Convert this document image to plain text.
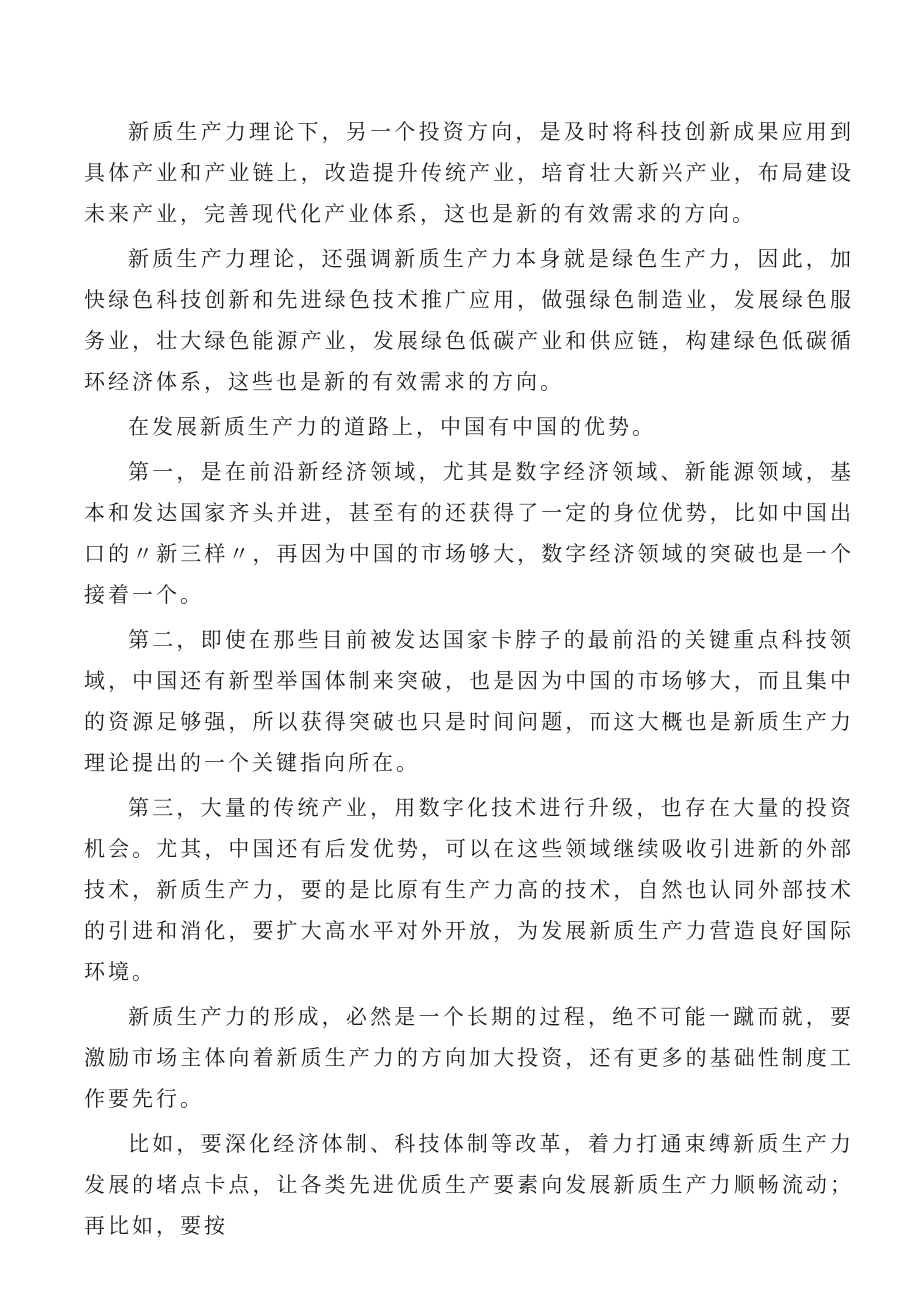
新质生产力理论下，另一个投资方向，是及时将科技创新成果应用到具体产业和产业链上，改造提升传统产业，培育壮大新兴产业，布局建设未来产业，完善现代化产业体系，这也是新的有效需求的方向。

新质生产力理论，还强调新质生产力本身就是绿色生产力，因此，加快绿色科技创新和先进绿色技术推广应用，做强绿色制造业，发展绿色服务业，壮大绿色能源产业，发展绿色低碳产业和供应链，构建绿色低碳循环经济体系，这些也是新的有效需求的方向。

在发展新质生产力的道路上，中国有中国的优势。

第一，是在前沿新经济领域，尤其是数字经济领域、新能源领域，基本和发达国家齐头并进，甚至有的还获得了一定的身位优势，比如中国出口的〃新三样〃，再因为中国的市场够大，数字经济领域的突破也是一个接着一个。

第二，即使在那些目前被发达国家卡脖子的最前沿的关键重点科技领域，中国还有新型举国体制来突破，也是因为中国的市场够大，而且集中的资源足够强，所以获得突破也只是时间问题，而这大概也是新质生产力理论提出的一个关键指向所在。

第三，大量的传统产业，用数字化技术进行升级，也存在大量的投资机会。尤其，中国还有后发优势，可以在这些领域继续吸收引进新的外部技术，新质生产力，要的是比原有生产力高的技术，自然也认同外部技术的引进和消化，要扩大高水平对外开放，为发展新质生产力营造良好国际环境。

新质生产力的形成，必然是一个长期的过程，绝不可能一蹴而就，要激励市场主体向着新质生产力的方向加大投资，还有更多的基础性制度工作要先行。

比如，要深化经济体制、科技体制等改革，着力打通束缚新质生产力发展的堵点卡点，让各类先进优质生产要素向发展新质生产力顺畅流动；再比如，要按
